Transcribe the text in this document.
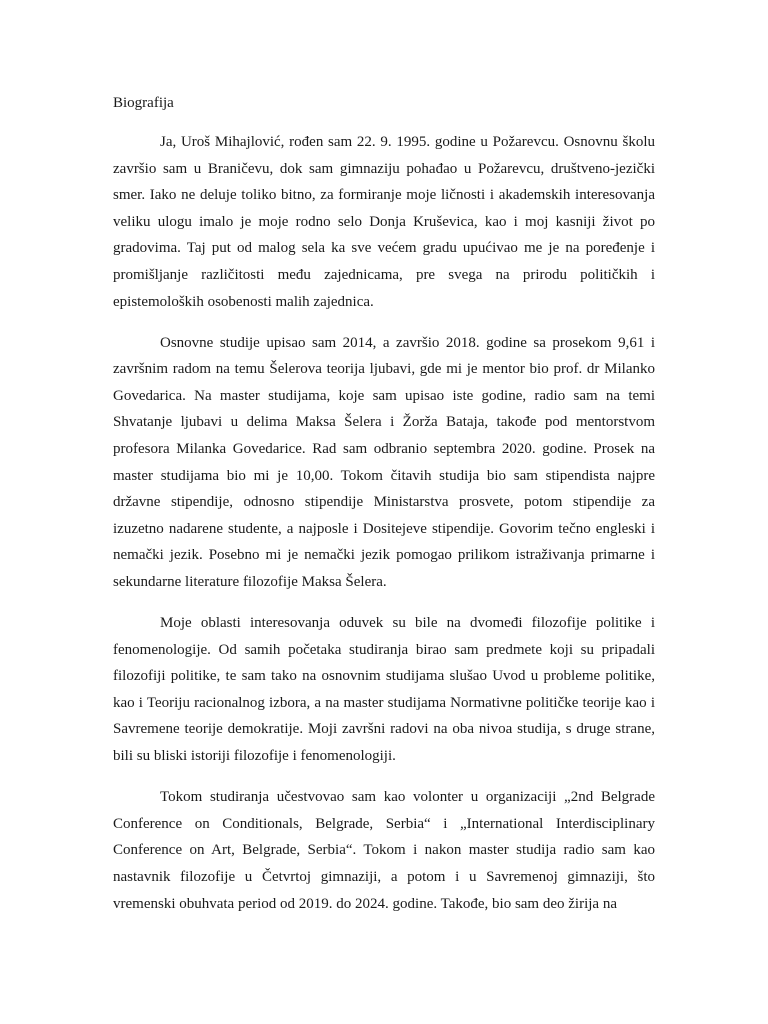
Biografija

Ja, Uroš Mihajlović, rođen sam 22. 9. 1995. godine u Požarevcu. Osnovnu školu završio sam u Braničevu, dok sam gimnaziju pohađao u Požarevcu, društveno-jezički smer. Iako ne deluje toliko bitno, za formiranje moje ličnosti i akademskih interesovanja veliku ulogu imalo je moje rodno selo Donja Kruševica, kao i moj kasniji život po gradovima. Taj put od malog sela ka sve većem gradu upućivao me je na poređenje i promišljanje različitosti među zajednicama, pre svega na prirodu političkih i epistemoloških osobenosti malih zajednica.

Osnovne studije upisao sam 2014, a završio 2018. godine sa prosekom 9,61 i završnim radom na temu Šelerova teorija ljubavi, gde mi je mentor bio prof. dr Milanko Govedarica. Na master studijama, koje sam upisao iste godine, radio sam na temi Shvatanje ljubavi u delima Maksa Šelera i Žorža Bataja, takođe pod mentorstvom profesora Milanka Govedarice. Rad sam odbranio septembra 2020. godine. Prosek na master studijama bio mi je 10,00. Tokom čitavih studija bio sam stipendista najpre državne stipendije, odnosno stipendije Ministarstva prosvete, potom stipendije za izuzetno nadarene studente, a najposle i Dositejeve stipendije. Govorim tečno engleski i nemački jezik. Posebno mi je nemački jezik pomogao prilikom istraživanja primarne i sekundarne literature filozofije Maksa Šelera.

Moje oblasti interesovanja oduvek su bile na dvomeđi filozofije politike i fenomenologije. Od samih početaka studiranja birao sam predmete koji su pripadali filozofiji politike, te sam tako na osnovnim studijama slušao Uvod u probleme politike, kao i Teoriju racionalnog izbora, a na master studijama Normativne političke teorije kao i Savremene teorije demokratije. Moji završni radovi na oba nivoa studija, s druge strane, bili su bliski istoriji filozofije i fenomenologiji.

Tokom studiranja učestvovao sam kao volonter u organizaciji „2nd Belgrade Conference on Conditionals, Belgrade, Serbia“ i „International Interdisciplinary Conference on Art, Belgrade, Serbia“. Tokom i nakon master studija radio sam kao nastavnik filozofije u Četvrtoj gimnaziji, a potom i u Savremenoj gimnaziji, što vremenski obuhvata period od 2019. do 2024. godine. Takođe, bio sam deo žirija na
